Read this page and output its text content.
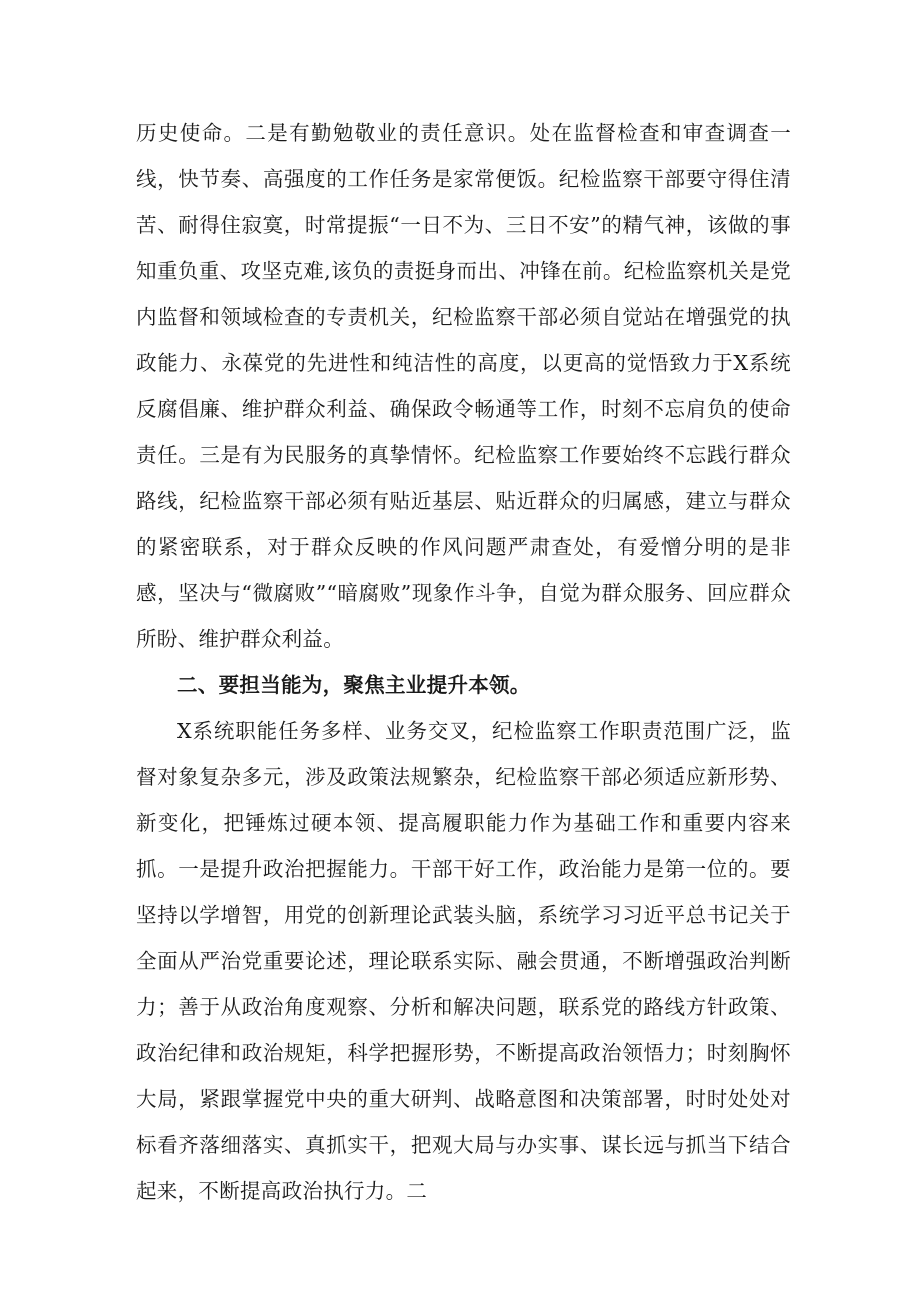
历史使命。二是有勤勉敬业的责任意识。处在监督检查和审查调查一线，快节奏、高强度的工作任务是家常便饭。纪检监察干部要守得住清苦、耐得住寂寞，时常提振“一日不为、三日不安”的精气神，该做的事知重负重、攻坚克难,该负的责挺身而出、冲锋在前。纪检监察机关是党内监督和领域检查的专责机关，纪检监察干部必须自觉站在增强党的执政能力、永葆党的先进性和纯洁性的高度，以更高的觉悟致力于X系统反腐倡廉、维护群众利益、确保政令畅通等工作，时刻不忘肩负的使命责任。三是有为民服务的真挚情怀。纪检监察工作要始终不忘践行群众路线，纪检监察干部必须有贴近基层、贴近群众的归属感，建立与群众的紧密联系，对于群众反映的作风问题严肃查处，有爱憎分明的是非感，坚决与“微腐败”“暗腐败”现象作斗争，自觉为群众服务、回应群众所盼、维护群众利益。

二、要担当能为，聚焦主业提升本领。

X系统职能任务多样、业务交叉，纪检监察工作职责范围广泛，监督对象复杂多元，涉及政策法规繁杂，纪检监察干部必须适应新形势、新变化，把锤炼过硬本领、提高履职能力作为基础工作和重要内容来抓。一是提升政治把握能力。干部干好工作，政治能力是第一位的。要坚持以学增智，用党的创新理论武装头脑，系统学习习近平总书记关于全面从严治党重要论述，理论联系实际、融会贯通，不断增强政治判断力；善于从政治角度观察、分析和解决问题，联系党的路线方针政策、政治纪律和政治规矩，科学把握形势，不断提高政治领悟力；时刻胸怀大局，紧跟掌握党中央的重大研判、战略意图和决策部署，时时处处对标看齐落细落实、真抓实干，把观大局与办实事、谋长远与抓当下结合起来，不断提高政治执行力。二
